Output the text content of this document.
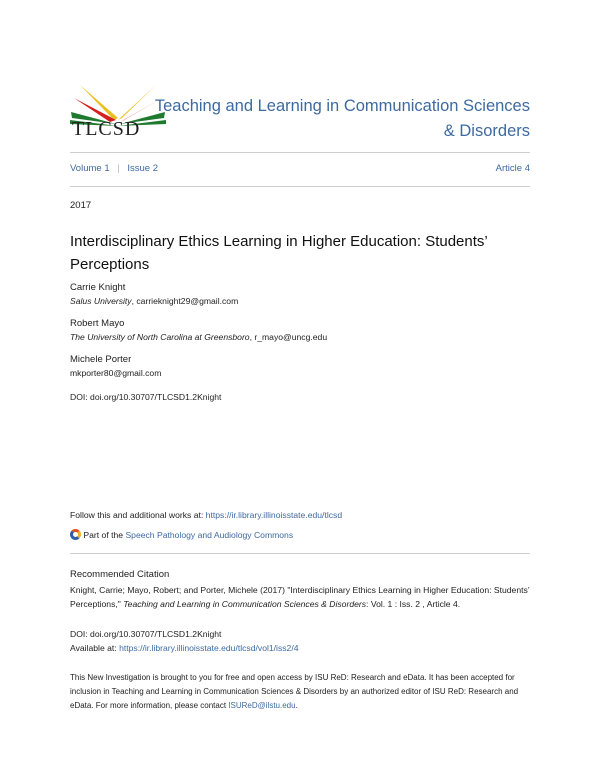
TLCSD
Teaching and Learning in Communication Sciences & Disorders
Volume 1 | Issue 2	Article 4
2017
Interdisciplinary Ethics Learning in Higher Education: Students’ Perceptions
Carrie Knight
Salus University, carrieknight29@gmail.com
Robert Mayo
The University of North Carolina at Greensboro, r_mayo@uncg.edu
Michele Porter
mkporter80@gmail.com
DOI: doi.org/10.30707/TLCSD1.2Knight
Follow this and additional works at: https://ir.library.illinoisstate.edu/tlcsd
Part of the Speech Pathology and Audiology Commons
Recommended Citation
Knight, Carrie; Mayo, Robert; and Porter, Michele (2017) "Interdisciplinary Ethics Learning in Higher Education: Students’ Perceptions," Teaching and Learning in Communication Sciences & Disorders: Vol. 1 : Iss. 2 , Article 4.
DOI: doi.org/10.30707/TLCSD1.2Knight
Available at: https://ir.library.illinoisstate.edu/tlcsd/vol1/iss2/4
This New Investigation is brought to you for free and open access by ISU ReD: Research and eData. It has been accepted for inclusion in Teaching and Learning in Communication Sciences & Disorders by an authorized editor of ISU ReD: Research and eData. For more information, please contact ISUReD@ilstu.edu.
